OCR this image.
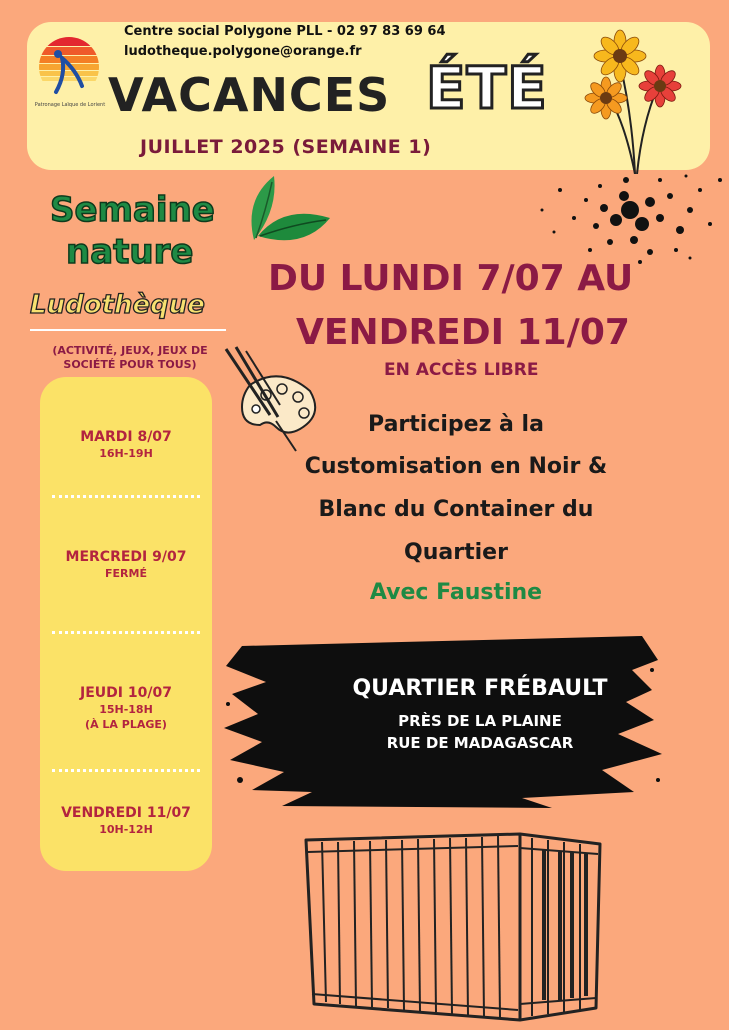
Patronage Laïque de Lorient
Centre social Polygone PLL - 02 97 83 69 64
ludotheque.polygone@orange.fr
VACANCES ÉTÉ
JUILLET 2025 (SEMAINE 1)
Semaine
nature
DU LUNDI 7/07 AU
VENDREDI 11/07
EN ACCÈS LIBRE
Ludothèque
(ACTIVITÉ, JEUX, JEUX DE
SOCIÉTÉ POUR TOUS)
MARDI 8/07
16H-19H
MERCREDI 9/07
FERMÉ
JEUDI 10/07
15H-18H
(À LA PLAGE)
VENDREDI 11/07
10H-12H
Participez à la
Customisation en Noir &
Blanc du Container du
Quartier
Avec Faustine
QUARTIER FRÉBAULT
PRÈS DE LA PLAINE
RUE DE MADAGASCAR
